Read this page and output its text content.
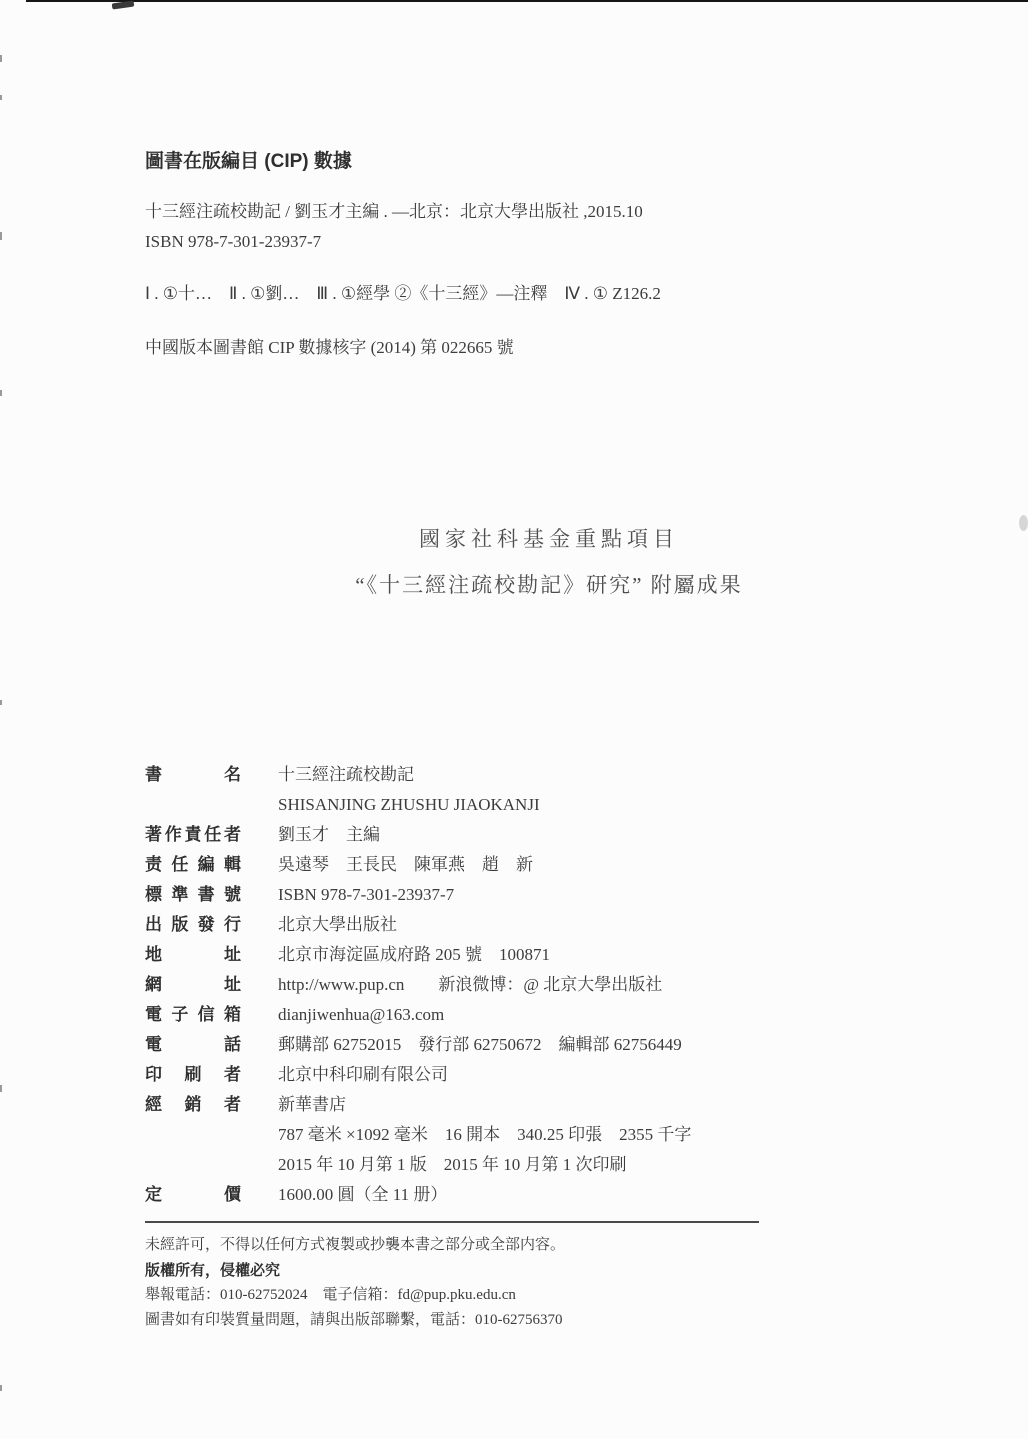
圖書在版編目 (CIP) 數據

十三經注疏校勘記 / 劉玉才主編 . —北京：北京大學出版社 ,2015.10

ISBN 978-7-301-23937-7

Ⅰ . ①十…　Ⅱ . ①劉…　Ⅲ . ①經學 ②《十三經》—注釋　Ⅳ . ① Z126.2

中國版本圖書館 CIP 數據核字 (2014) 第 022665 號

國家社科基金重點項目

“《十三經注疏校勘記》研究” 附屬成果

書名 十三經注疏校勘記
SHISANJING ZHUSHU JIAOKANJI
著作責任者 劉玉才　主編
责任編輯 吳遠琴　王長民　陳軍燕　趙　新
標準書號 ISBN 978-7-301-23937-7
出版發行 北京大學出版社
地址 北京市海淀區成府路 205 號　100871
網址 http://www.pup.cn　　新浪微博：@ 北京大學出版社
電子信箱 dianjiwenhua@163.com
電話 郵購部 62752015　發行部 62750672　編輯部 62756449
印刷者 北京中科印刷有限公司
經銷者 新華書店
787 毫米 ×1092 毫米　16 開本　340.25 印張　2355 千字
2015 年 10 月第 1 版　2015 年 10 月第 1 次印刷
定價 1600.00 圓（全 11 册）

未經許可，不得以任何方式複製或抄襲本書之部分或全部内容。

版權所有，侵權必究

舉報電話：010-62752024　電子信箱：fd@pup.pku.edu.cn

圖書如有印裝質量問題，請與出版部聯繫，電話：010-62756370
